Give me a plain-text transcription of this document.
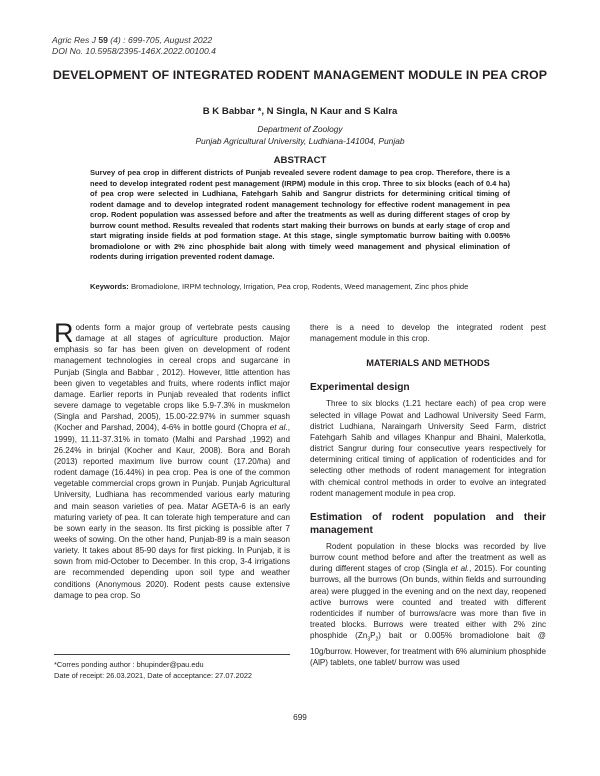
Agric Res J 59 (4) : 699-705, August 2022
DOI No. 10.5958/2395-146X.2022.00100.4
DEVELOPMENT OF INTEGRATED RODENT MANAGEMENT MODULE IN PEA CROP
B K Babbar *, N Singla, N Kaur and S Kalra
Department of Zoology
Punjab Agricultural University, Ludhiana-141004, Punjab
ABSTRACT
Survey of pea crop in different districts of Punjab revealed severe rodent damage to pea crop. Therefore, there is a need to develop integrated rodent pest management (IRPM) module in this crop. Three to six blocks (each of 0.4 ha) of pea crop were selected in Ludhiana, Fatehgarh Sahib and Sangrur districts for determining critical timing of rodent damage and to develop integrated rodent management technology for effective rodent management in pea crop. Rodent population was assessed before and after the treatments as well as during different stages of crop by burrow count method. Results revealed that rodents start making their burrows on bunds at early stage of crop and start migrating inside fields at pod formation stage. At this stage, single symptomatic burrow baiting with 0.005% bromadiolone or with 2% zinc phosphide bait along with timely weed management and physical elimination of rodents during irrigation prevented rodent damage.
Keywords: Bromadiolone, IRPM technology, Irrigation, Pea crop, Rodents, Weed management, Zinc phos phide

Rodents form a major group of vertebrate pests causing damage at all stages of agriculture production. Major emphasis so far has been given on development of rodent management technologies in cereal crops and sugarcane in Punjab (Singla and Babbar , 2012). However, little attention has been given to vegetables and fruits, where rodents inflict major damage. Earlier reports in Punjab revealed that rodents inflict severe damage to vegetable crops like 5.9-7.3% in muskmelon (Singla and Parshad, 2005), 15.00-22.97% in summer squash (Kocher and Parshad, 2004), 4-6% in bottle gourd (Chopra et al., 1999), 11.11-37.31% in tomato (Malhi and Parshad ,1992) and 26.24% in brinjal (Kocher and Kaur, 2008). Bora and Borah (2013) reported maximum live burrow count (17.20/ha) and rodent damage (16.44%) in pea crop. Pea is one of the common vegetable commercial crops grown in Punjab. Punjab Agricultural University, Ludhiana has recommended various early maturing and main season varieties of pea. Matar AGETA-6 is an early maturing variety of pea. It can tolerate high temperature and can be sown early in the season. Its first picking is possible after 7 weeks of sowing. On the other hand, Punjab-89 is a main season variety. It takes about 85-90 days for first picking. In Punjab, it is sown from mid-October to December. In this crop, 3-4 irrigations are recommended depending upon soil type and weather conditions (Anonymous 2020). Rodent pests cause extensive damage to pea crop. So

there is a need to develop the integrated rodent pest management module in this crop.

MATERIALS AND METHODS
Experimental design

Three to six blocks (1.21 hectare each) of pea crop were selected in village Powat and Ladhowal University Seed Farm, district Ludhiana, Naraingarh University Seed Farm, district Fatehgarh Sahib and villages Khanpur and Bhaini, Malerkotla, district Sangrur during four consecutive years respectively for determining critical timing of application of rodenticides and for selecting other methods of rodent management for integration with chemical control methods in order to evolve an integrated rodent management module in pea crop.

Estimation of rodent population and their management

Rodent population in these blocks was recorded by live burrow count method before and after the treatment as well as during different stages of crop (Singla et al., 2015). For counting burrows, all the burrows (On bunds, within fields and surrounding area) were plugged in the evening and on the next day, reopened active burrows were counted and treated with different rodenticides if number of burrows/acre was more than five in treated blocks. Burrows were treated either with 2% zinc phosphide $(Zn_3P_2)$ bait or 0.005% bromadiolone bait @ 10g/burrow. However, for treatment with 6% aluminium phosphide (AlP) tablets, one tablet/ burrow was used

*Corres ponding author : bhupinder@pau.edu
Date of receipt: 26.03.2021, Date of acceptance: 27.07.2022
699
